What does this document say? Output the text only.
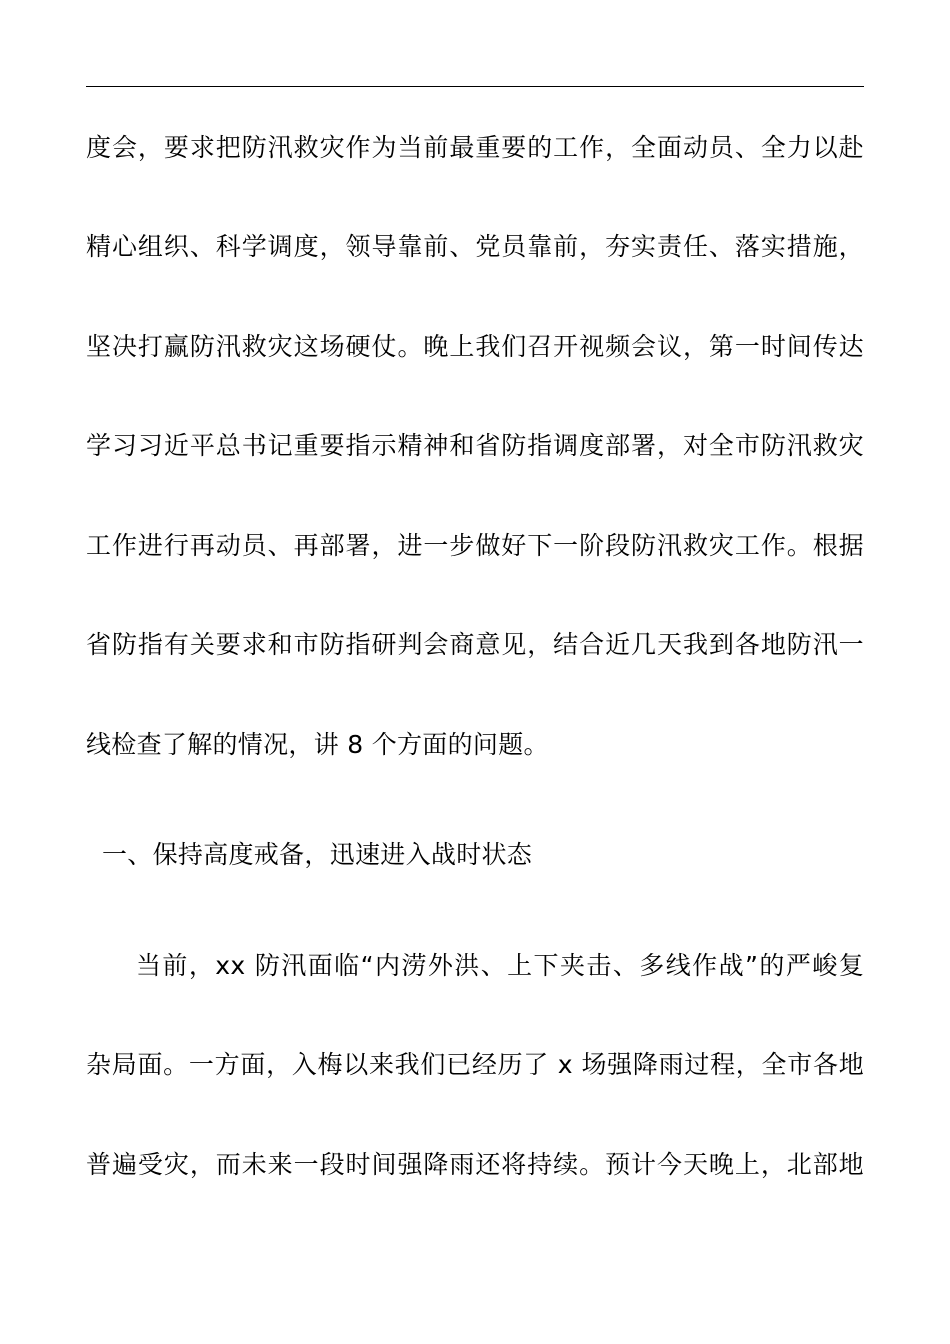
度会，要求把防汛救灾作为当前最重要的工作，全面动员、全力以赴
精心组织、科学调度，领导靠前、党员靠前，夯实责任、落实措施，
坚决打赢防汛救灾这场硬仗。晚上我们召开视频会议，第一时间传达
学习习近平总书记重要指示精神和省防指调度部署，对全市防汛救灾
工作进行再动员、再部署，进一步做好下一阶段防汛救灾工作。根据
省防指有关要求和市防指研判会商意见，结合近几天我到各地防汛一
线检查了解的情况，讲 8 个方面的问题。
一、保持高度戒备，迅速进入战时状态
当前，xx 防汛面临“内涝外洪、上下夹击、多线作战”的严峻复
杂局面。一方面，入梅以来我们已经历了 x 场强降雨过程，全市各地
普遍受灾，而未来一段时间强降雨还将持续。预计今天晚上，北部地
